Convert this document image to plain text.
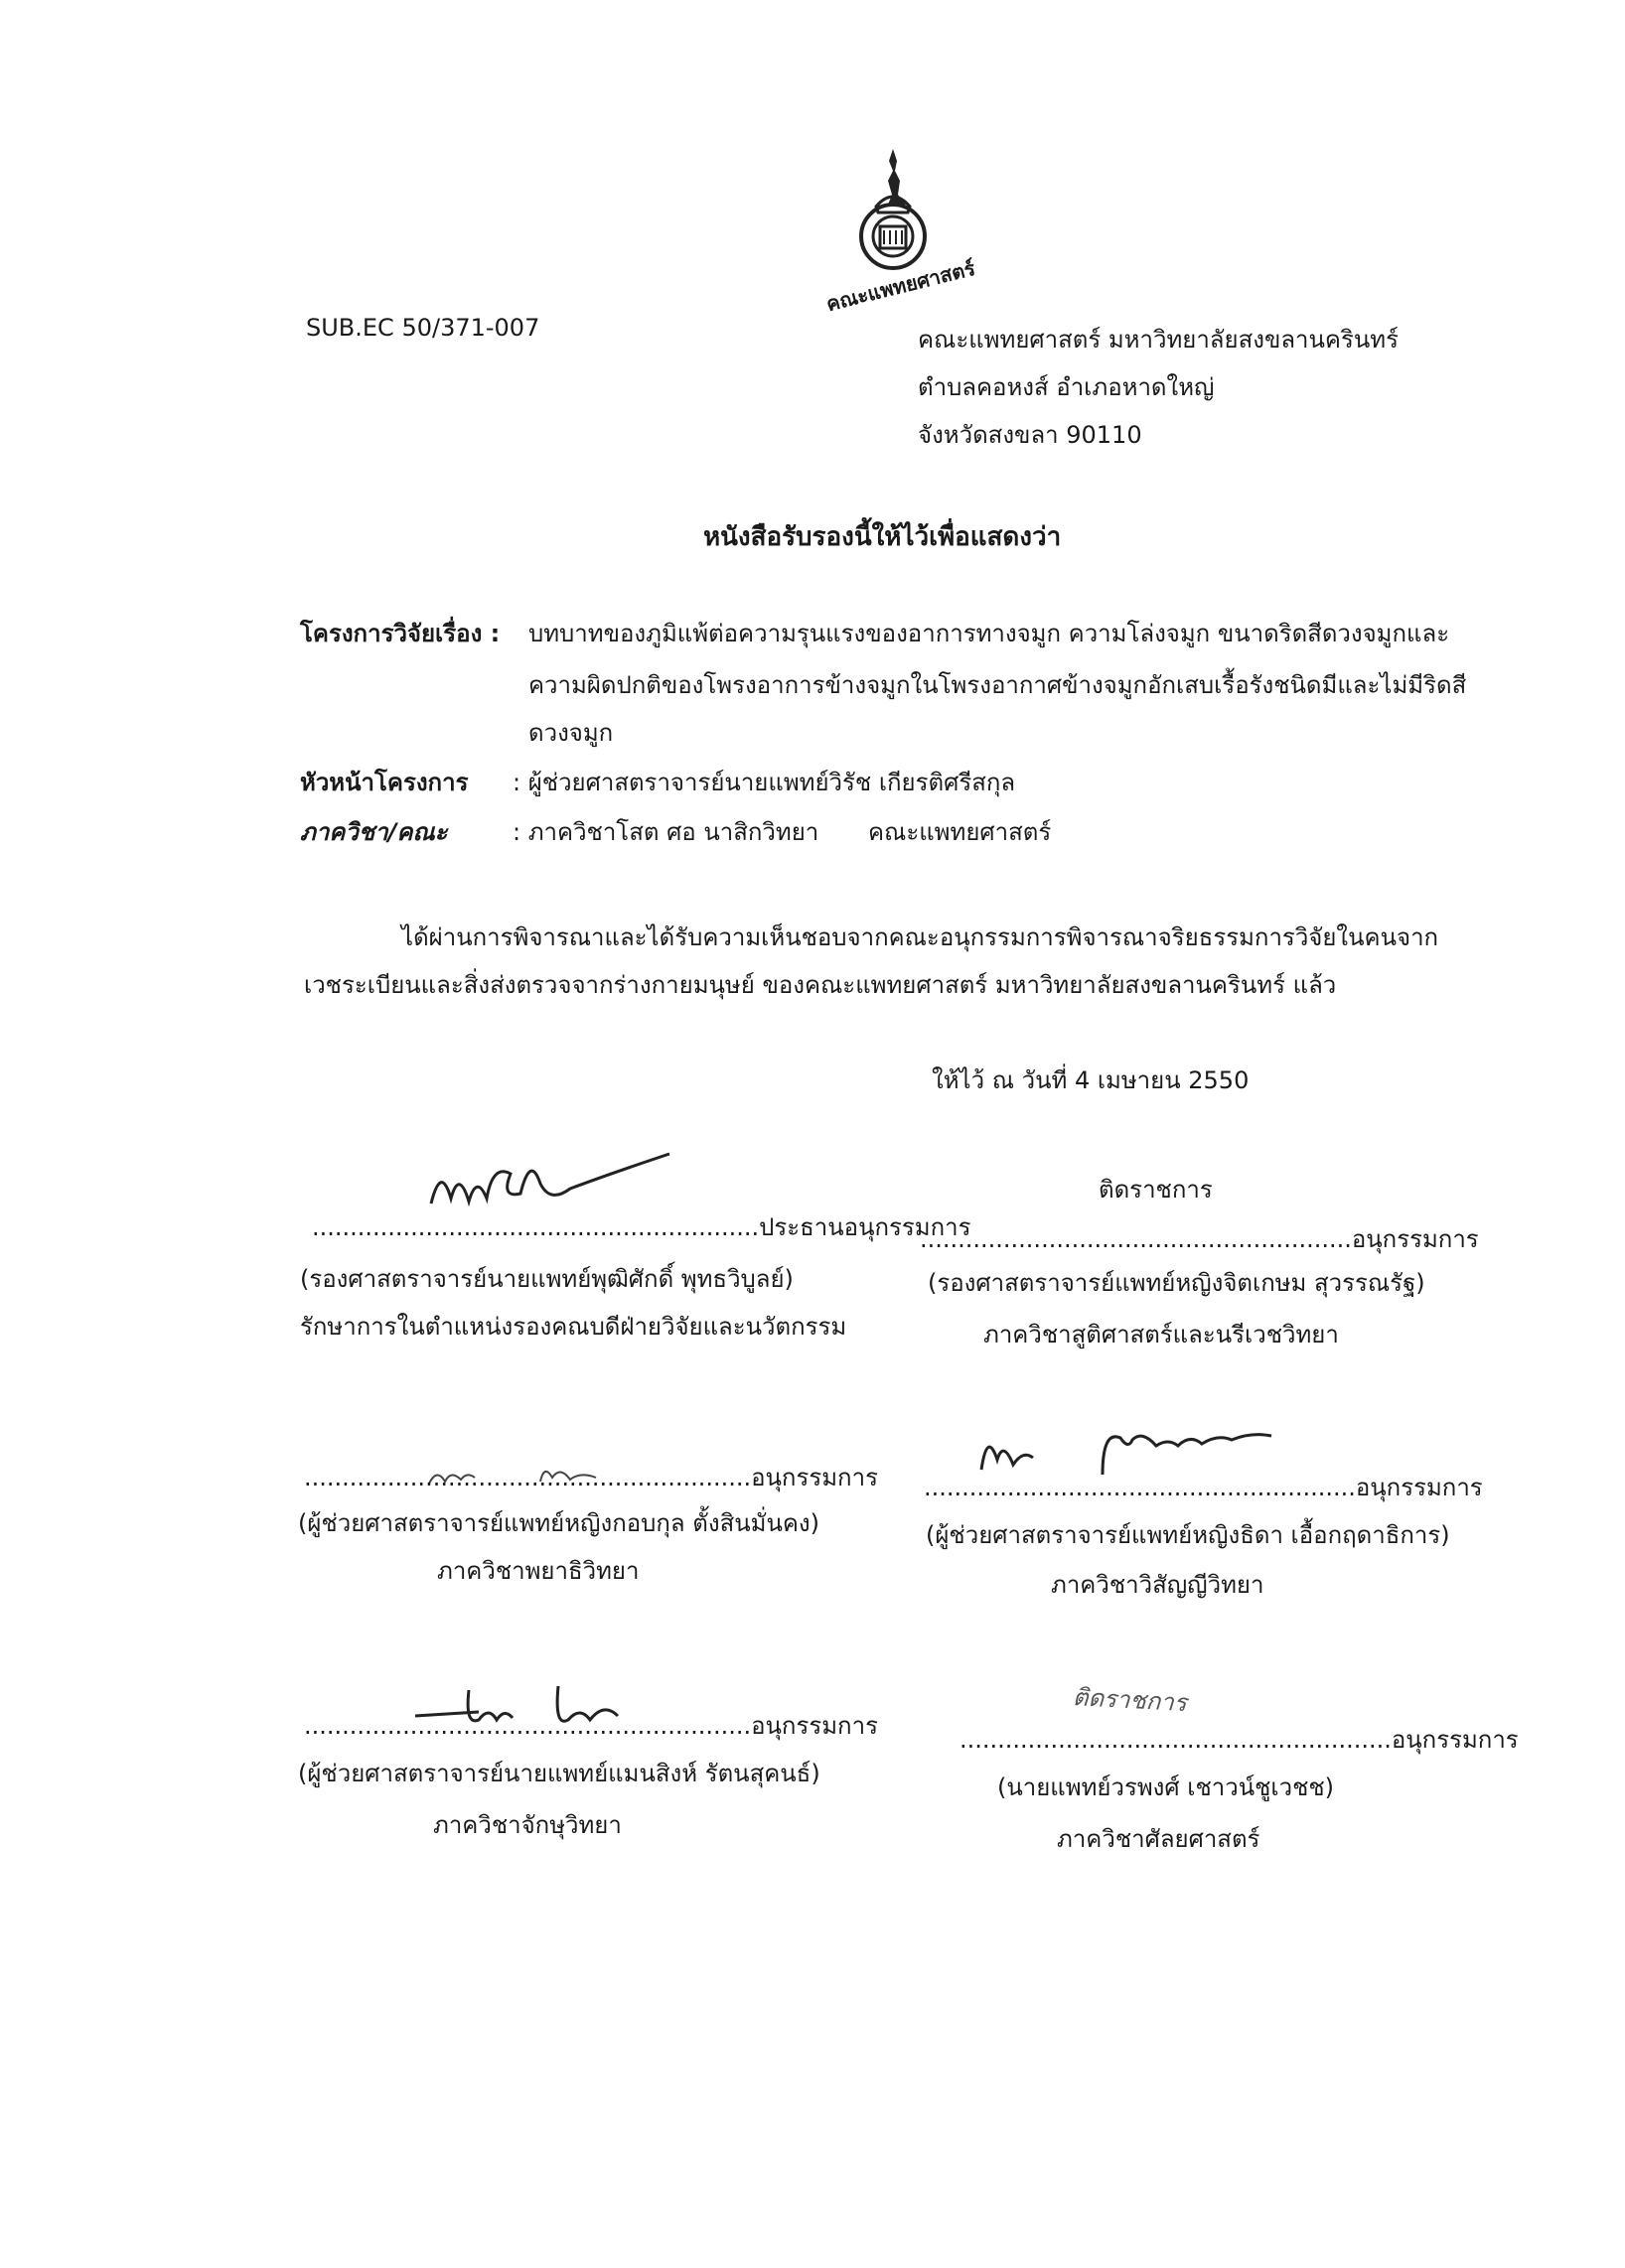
คณะแพทยศาสตร์
SUB.EC 50/371-007	คณะแพทยศาสตร์ มหาวิทยาลัยสงขลานครินทร์
ตำบลคอหงส์ อำเภอหาดใหญ่
จังหวัดสงขลา 90110
หนังสือรับรองนี้ให้ไว้เพื่อแสดงว่า
โครงการวิจัยเรื่อง : บทบาทของภูมิแพ้ต่อความรุนแรงของอาการทางจมูก ความโล่งจมูก ขนาดริดสีดวงจมูกและ
ความผิดปกติของโพรงอาการข้างจมูกในโพรงอากาศข้างจมูกอักเสบเรื้อรังชนิดมีและไม่มีริดสี
ดวงจมูก
หัวหน้าโครงการ : ผู้ช่วยศาสตราจารย์นายแพทย์วิรัช เกียรติศรีสกุล
ภาควิชา/คณะ	: ภาควิชาโสต ศอ นาสิกวิทยา คณะแพทยศาสตร์
ได้ผ่านการพิจารณาและได้รับความเห็นชอบจากคณะอนุกรรมการพิจารณาจริยธรรมการวิจัยในคนจาก
เวชระเบียนและสิ่งส่งตรวจจากร่างกายมนุษย์ ของคณะแพทยศาสตร์ มหาวิทยาลัยสงขลานครินทร์ แล้ว
ให้ไว้ ณ วันที่ 4 เมษายน 2550
...........................................................ประธานอนุกรรมการ
(รองศาสตราจารย์นายแพทย์พุฒิศักดิ์ พุทธวิบูลย์)
รักษาการในตำแหน่งรองคณบดีฝ่ายวิจัยและนวัตกรรม
ติดราชการ
.........................................................อนุกรรมการ
(รองศาสตราจารย์แพทย์หญิงจิตเกษม สุวรรณรัฐ)
ภาควิชาสูติศาสตร์และนรีเวชวิทยา
...........................................................อนุกรรมการ
(ผู้ช่วยศาสตราจารย์แพทย์หญิงกอบกุล ตั้งสินมั่นคง)
ภาควิชาพยาธิวิทยา
.........................................................อนุกรรมการ
(ผู้ช่วยศาสตราจารย์แพทย์หญิงธิดา เอื้อกฤดาธิการ)
ภาควิชาวิสัญญีวิทยา
...........................................................อนุกรรมการ
(ผู้ช่วยศาสตราจารย์นายแพทย์แมนสิงห์ รัตนสุคนธ์)
ภาควิชาจักษุวิทยา
ติดราชการ
.........................................................อนุกรรมการ
(นายแพทย์วรพงศ์ เชาวน์ชูเวชช)
ภาควิชาศัลยศาสตร์
